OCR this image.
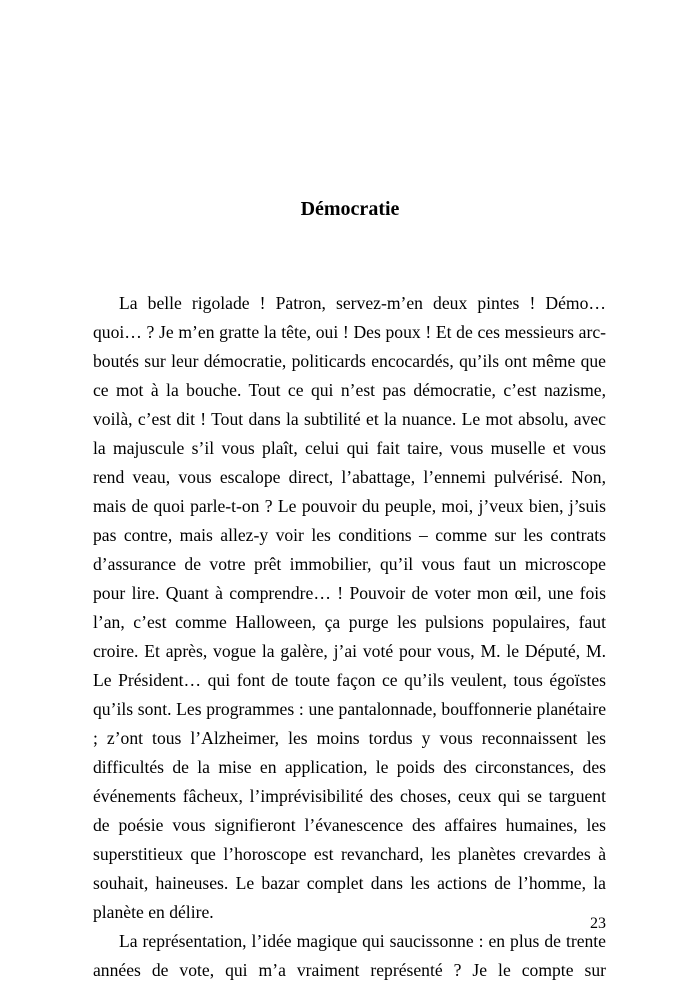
Démocratie

La belle rigolade ! Patron, servez-m’en deux pintes ! Démo… quoi… ? Je m’en gratte la tête, oui ! Des poux ! Et de ces messieurs arc-boutés sur leur démocratie, politicards encocardés, qu’ils ont même que ce mot à la bouche. Tout ce qui n’est pas démocratie, c’est nazisme, voilà, c’est dit ! Tout dans la subtilité et la nuance. Le mot absolu, avec la majuscule s’il vous plaît, celui qui fait taire, vous muselle et vous rend veau, vous escalope direct, l’abattage, l’ennemi pulvérisé. Non, mais de quoi parle-t-on ? Le pouvoir du peuple, moi, j’veux bien, j’suis pas contre, mais allez-y voir les conditions – comme sur les contrats d’assurance de votre prêt immobilier, qu’il vous faut un microscope pour lire. Quant à comprendre… ! Pouvoir de voter mon œil, une fois l’an, c’est comme Halloween, ça purge les pulsions populaires, faut croire. Et après, vogue la galère, j’ai voté pour vous, M. le Député, M. Le Président… qui font de toute façon ce qu’ils veulent, tous égoïstes qu’ils sont. Les programmes : une pantalonnade, bouffonnerie planétaire ; z’ont tous l’Alzheimer, les moins tordus y vous reconnaissent les difficultés de la mise en application, le poids des circonstances, des événements fâcheux, l’imprévisibilité des choses, ceux qui se targuent de poésie vous signifieront l’évanescence des affaires humaines, les superstitieux que l’horoscope est revanchard, les planètes crevardes à souhait, haineuses. Le bazar complet dans les actions de l’homme, la planète en délire.

La représentation, l’idée magique qui saucissonne : en plus de trente années de vote, qui m’a vraiment représenté ? Je le compte sur

23
